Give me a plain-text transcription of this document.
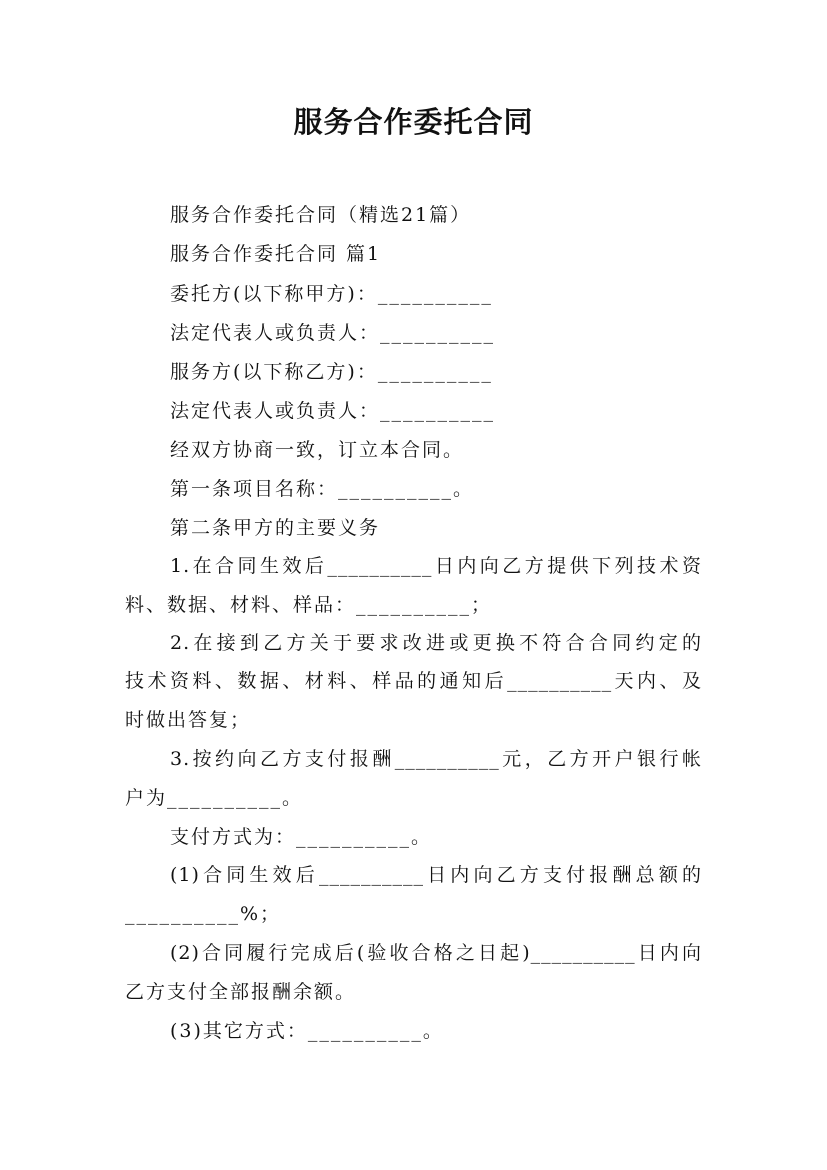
服务合作委托合同
服务合作委托合同（精选21篇）
服务合作委托合同 篇1
委托方(以下称甲方)：__________
法定代表人或负责人：__________
服务方(以下称乙方)：__________
法定代表人或负责人：__________
经双方协商一致，订立本合同。
第一条项目名称：__________。
第二条甲方的主要义务
1.在合同生效后__________日内向乙方提供下列技术资
料、数据、材料、样品：__________；
2.在接到乙方关于要求改进或更换不符合合同约定的
技术资料、数据、材料、样品的通知后__________天内、及
时做出答复；
3.按约向乙方支付报酬__________元，乙方开户银行帐
户为__________。
支付方式为：__________。
(1)合同生效后__________日内向乙方支付报酬总额的
__________%；
(2)合同履行完成后(验收合格之日起)__________日内向
乙方支付全部报酬余额。
(3)其它方式：__________。
